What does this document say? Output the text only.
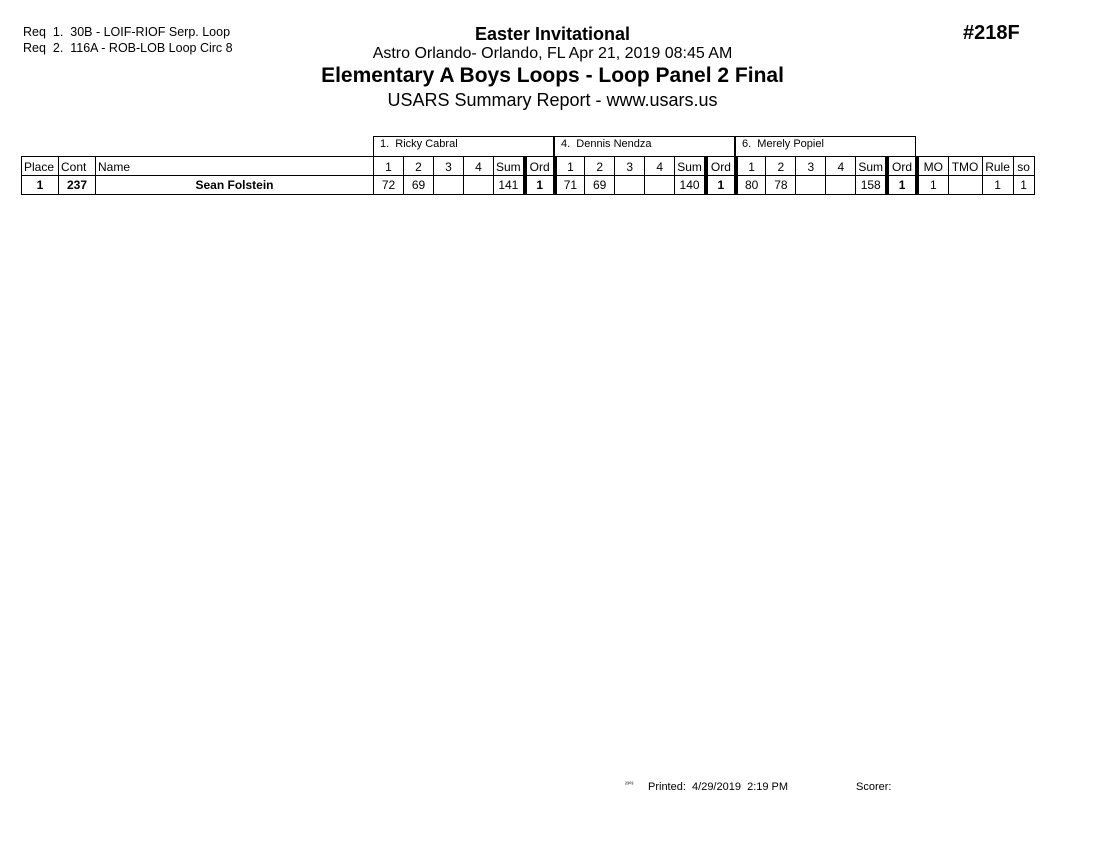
Req  1.  30B - LOIF-RIOF Serp. Loop
Req  2.  116A - ROB-LOB Loop Circ 8
#218F
Easter Invitational
Astro Orlando- Orlando, FL Apr 21, 2019 08:45 AM
Elementary A Boys Loops - Loop Panel 2 Final
USARS Summary Report - www.usars.us
1.  Ricky Cabral	4.  Dennis Nendza	6.  Merely Popiel
Place	Cont	Name	1	2	3	4	Sum	Ord	1	2	3	4	Sum	Ord	1	2	3	4	Sum	Ord	MO	TMO	Rule	so
1	237	Sean Folstein	72	69			141	1	71	69			140	1	80	78			158	1	1		1	1
²³⁰³ Printed:  4/29/2019  2:19 PM	Scorer:
